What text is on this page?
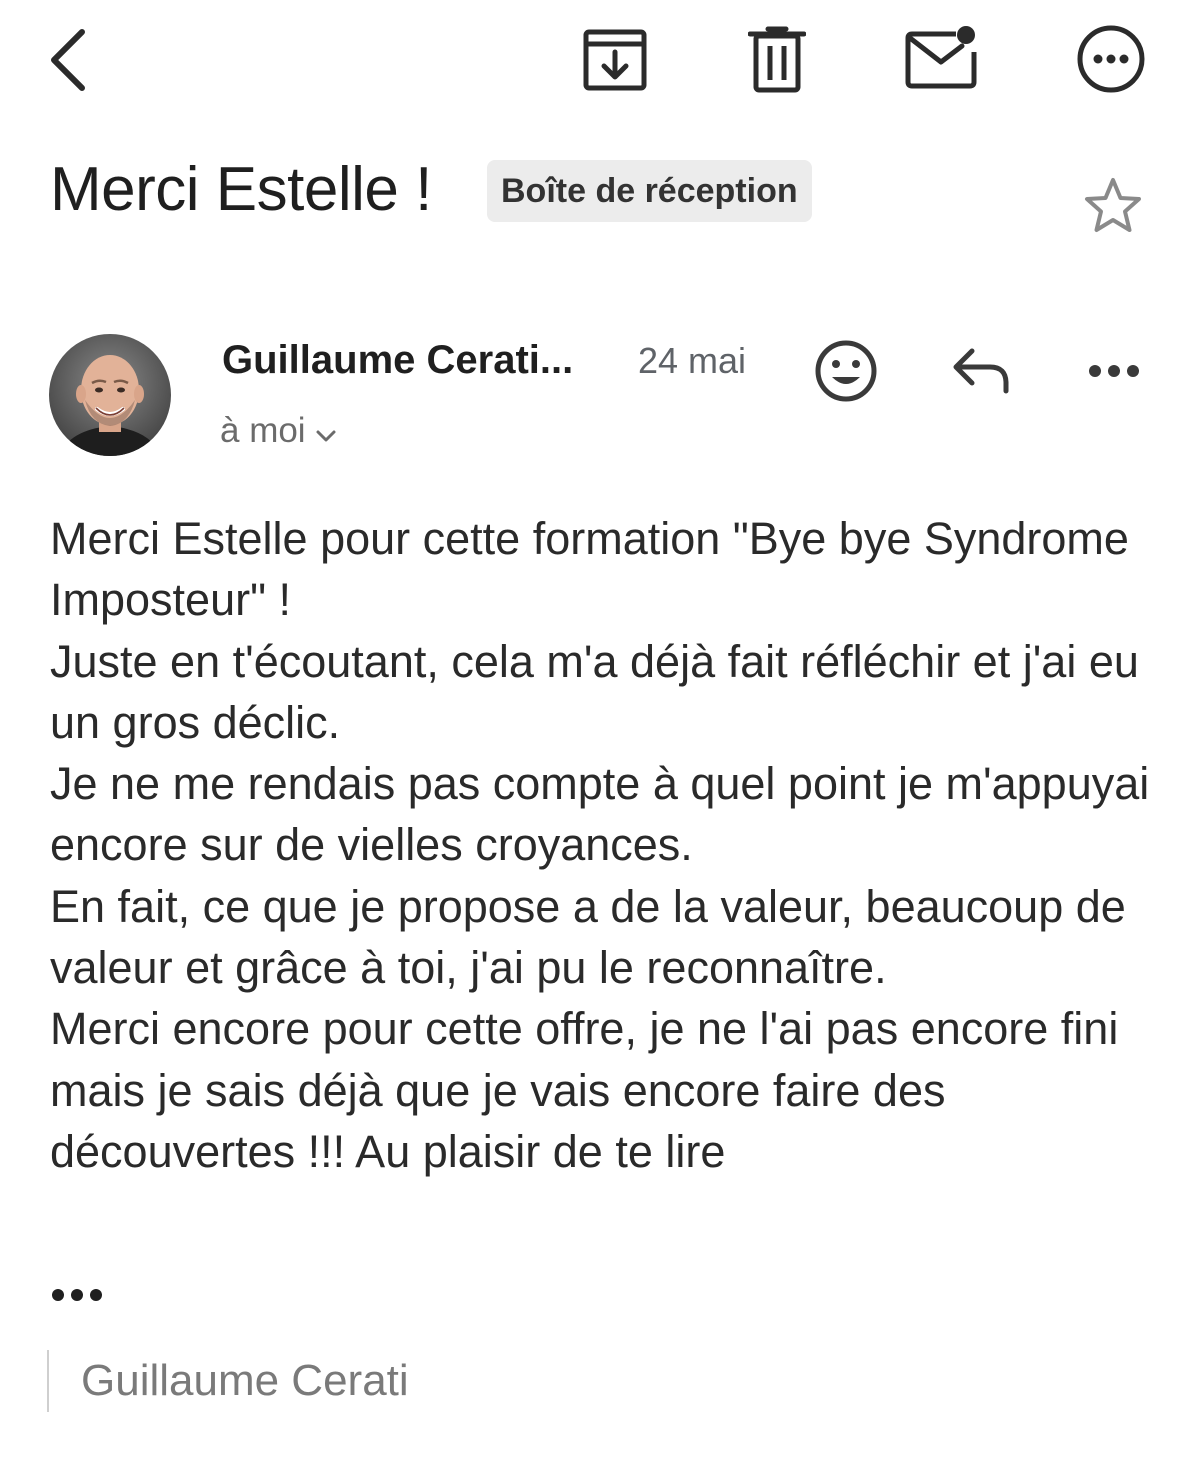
Merci Estelle !	Boîte de réception
Guillaume Cerati... 24 mai
à moi

Merci Estelle pour cette formation "Bye bye Syndrome Imposteur" !

Juste en t'écoutant, cela m'a déjà fait réfléchir et j'ai eu un gros déclic.

Je ne me rendais pas compte à quel point je m'appuyai encore sur de vielles croyances.

En fait, ce que je propose a de la valeur, beaucoup de valeur et grâce à toi, j'ai pu le reconnaître.

Merci encore pour cette offre, je ne l'ai pas encore fini mais je sais déjà que je vais encore faire des découvertes !!! Au plaisir de te lire

Guillaume Cerati
